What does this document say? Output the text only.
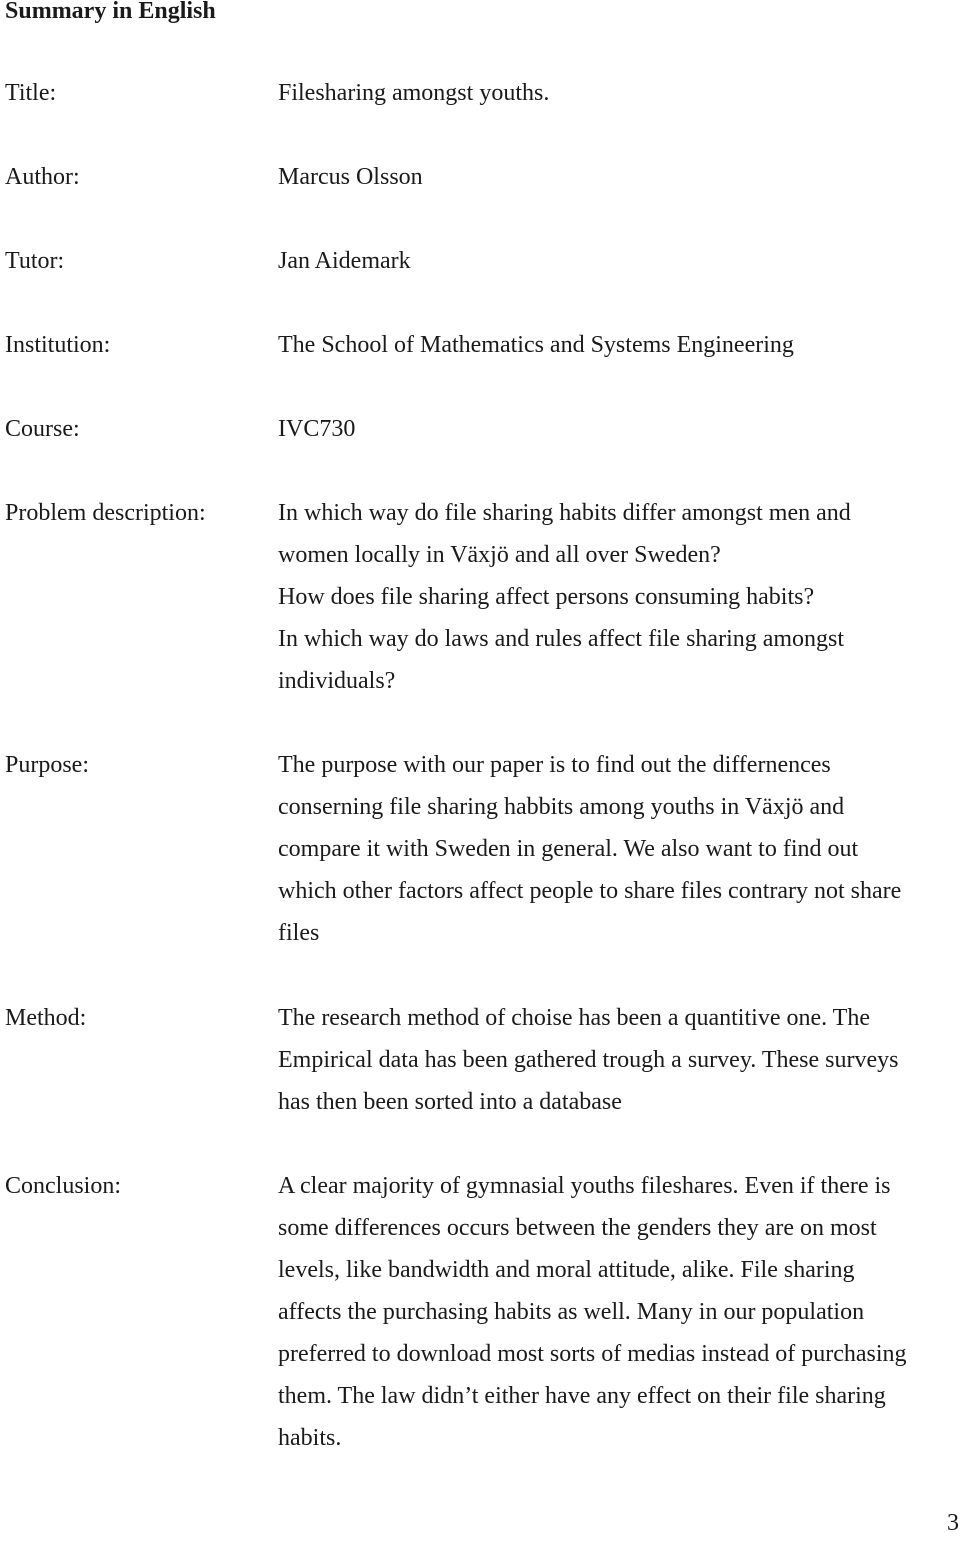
Summary in English
Title:	Filesharing amongst youths.
Author:	Marcus Olsson
Tutor:	Jan Aidemark
Institution:	The School of Mathematics and Systems Engineering
Course:	IVC730
Problem description:	In which way do file sharing habits differ amongst men and
women locally in Växjö and all over Sweden?
How does file sharing affect persons consuming habits?
In which way do laws and rules affect file sharing amongst
individuals?
Purpose:	The purpose with our paper is to find out the differnences
conserning file sharing habbits among youths in Växjö and
compare it with Sweden in general. We also want to find out
which other factors affect people to share files contrary not share
files
Method:	The research method of choise has been a quantitive one. The
Empirical data has been gathered trough a survey. These surveys
has then been sorted into a database
Conclusion:	A clear majority of gymnasial youths fileshares. Even if there is
some differences occurs between the genders they are on most
levels, like bandwidth and moral attitude, alike. File sharing
affects the purchasing habits as well. Many in our population
preferred to download most sorts of medias instead of purchasing
them. The law didn’t either have any effect on their file sharing
habits.
3
